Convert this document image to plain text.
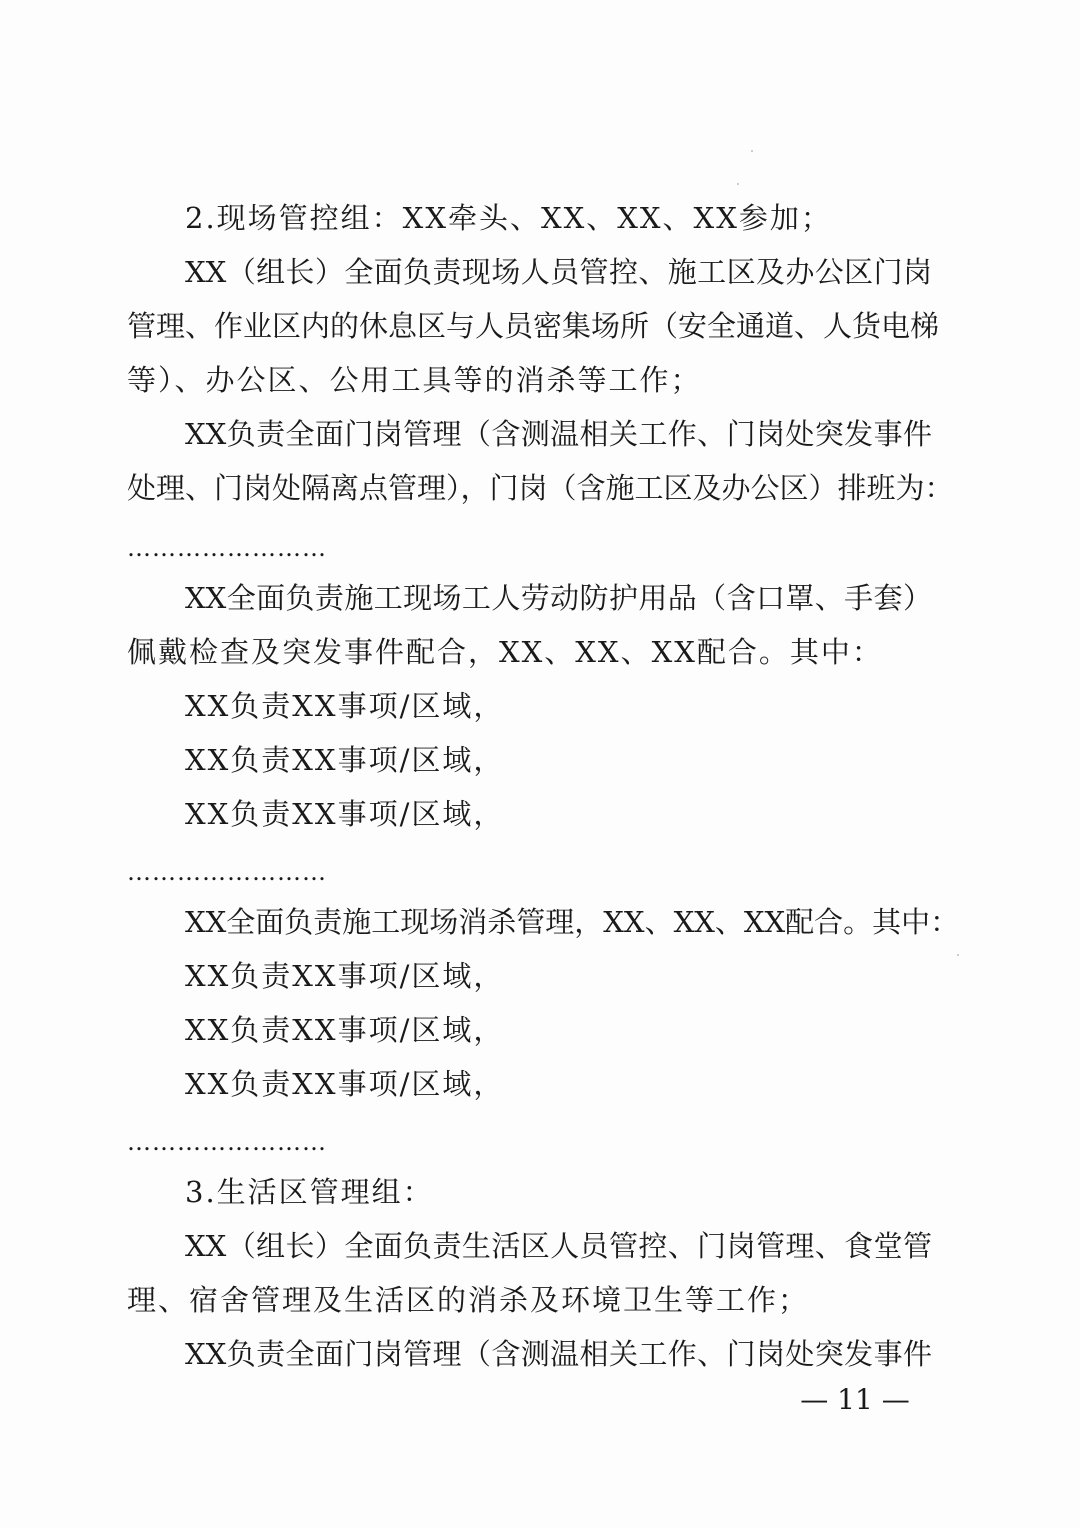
2.现场管控组：XX牵头、XX、XX、XX参加；
XX（组长）全面负责现场人员管控、施工区及办公区门岗
管理、作业区内的休息区与人员密集场所（安全通道、人货电梯
等）、办公区、公用工具等的消杀等工作；
XX负责全面门岗管理（含测温相关工作、门岗处突发事件
处理、门岗处隔离点管理），门岗（含施工区及办公区）排班为：
……………………
XX全面负责施工现场工人劳动防护用品（含口罩、手套）
佩戴检查及突发事件配合，XX、XX、XX配合。其中：
XX负责XX事项/区域，
XX负责XX事项/区域，
XX负责XX事项/区域，
……………………
XX全面负责施工现场消杀管理，XX、XX、XX配合。其中：
XX负责XX事项/区域，
XX负责XX事项/区域，
XX负责XX事项/区域，
……………………
3.生活区管理组：
XX（组长）全面负责生活区人员管控、门岗管理、食堂管
理、宿舍管理及生活区的消杀及环境卫生等工作；
XX负责全面门岗管理（含测温相关工作、门岗处突发事件
— 11 —
